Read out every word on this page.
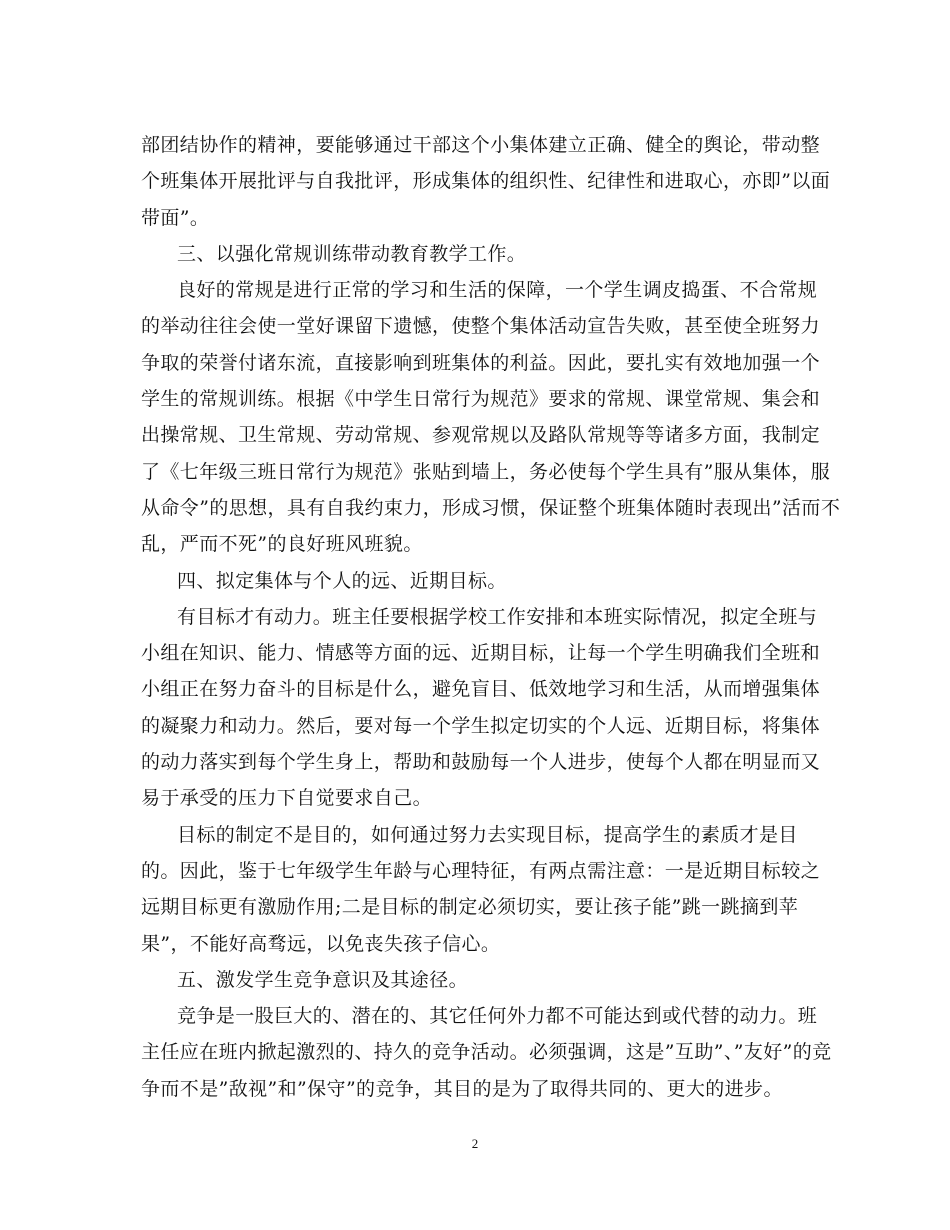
部团结协作的精神，要能够通过干部这个小集体建立正确、健全的舆论，带动整
个班集体开展批评与自我批评，形成集体的组织性、纪律性和进取心，亦即”以面
带面”。
三、以强化常规训练带动教育教学工作。
良好的常规是进行正常的学习和生活的保障，一个学生调皮捣蛋、不合常规
的举动往往会使一堂好课留下遗憾，使整个集体活动宣告失败，甚至使全班努力
争取的荣誉付诸东流，直接影响到班集体的利益。因此，要扎实有效地加强一个
学生的常规训练。根据《中学生日常行为规范》要求的常规、课堂常规、集会和
出操常规、卫生常规、劳动常规、参观常规以及路队常规等等诸多方面，我制定
了《七年级三班日常行为规范》张贴到墙上，务必使每个学生具有”服从集体，服
从命令”的思想，具有自我约束力，形成习惯，保证整个班集体随时表现出”活而不
乱，严而不死”的良好班风班貌。
四、拟定集体与个人的远、近期目标。
有目标才有动力。班主任要根据学校工作安排和本班实际情况，拟定全班与
小组在知识、能力、情感等方面的远、近期目标，让每一个学生明确我们全班和
小组正在努力奋斗的目标是什么，避免盲目、低效地学习和生活，从而增强集体
的凝聚力和动力。然后，要对每一个学生拟定切实的个人远、近期目标，将集体
的动力落实到每个学生身上，帮助和鼓励每一个人进步，使每个人都在明显而又
易于承受的压力下自觉要求自己。
目标的制定不是目的，如何通过努力去实现目标，提高学生的素质才是目
的。因此，鉴于七年级学生年龄与心理特征，有两点需注意：一是近期目标较之
远期目标更有激励作用;二是目标的制定必须切实，要让孩子能”跳一跳摘到苹
果”，不能好高骛远，以免丧失孩子信心。
五、激发学生竞争意识及其途径。
竞争是一股巨大的、潜在的、其它任何外力都不可能达到或代替的动力。班
主任应在班内掀起激烈的、持久的竞争活动。必须强调，这是”互助”、”友好”的竞
争而不是”敌视”和”保守”的竞争，其目的是为了取得共同的、更大的进步。
2
